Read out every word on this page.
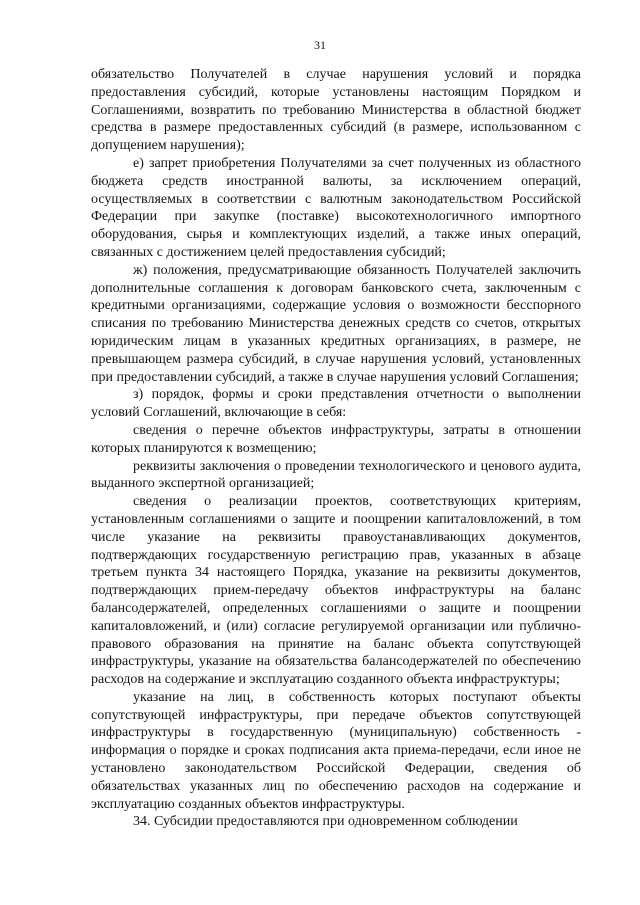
31

обязательство Получателей в случае нарушения условий и порядка предоставления субсидий, которые установлены настоящим Порядком и Соглашениями, возвратить по требованию Министерства в областной бюджет средства в размере предоставленных субсидий (в размере, использованном с допущением нарушения);

е) запрет приобретения Получателями за счет полученных из областного бюджета средств иностранной валюты, за исключением операций, осуществляемых в соответствии с валютным законодательством Российской Федерации при закупке (поставке) высокотехнологичного импортного оборудования, сырья и комплектующих изделий, а также иных операций, связанных с достижением целей предоставления субсидий;

ж) положения, предусматривающие обязанность Получателей заключить дополнительные соглашения к договорам банковского счета, заключенным с кредитными организациями, содержащие условия о возможности бесспорного списания по требованию Министерства денежных средств со счетов, открытых юридическим лицам в указанных кредитных организациях, в размере, не превышающем размера субсидий, в случае нарушения условий, установленных при предоставлении субсидий, а также в случае нарушения условий Соглашения;

з) порядок, формы и сроки представления отчетности о выполнении условий Соглашений, включающие в себя:

сведения о перечне объектов инфраструктуры, затраты в отношении которых планируются к возмещению;

реквизиты заключения о проведении технологического и ценового аудита, выданного экспертной организацией;

сведения о реализации проектов, соответствующих критериям, установленным соглашениями о защите и поощрении капиталовложений, в том числе указание на реквизиты правоустанавливающих документов, подтверждающих государственную регистрацию прав, указанных в абзаце третьем пункта 34 настоящего Порядка, указание на реквизиты документов, подтверждающих прием-передачу объектов инфраструктуры на баланс балансодержателей, определенных соглашениями о защите и поощрении капиталовложений, и (или) согласие регулируемой организации или публично-правового образования на принятие на баланс объекта сопутствующей инфраструктуры, указание на обязательства балансодержателей по обеспечению расходов на содержание и эксплуатацию созданного объекта инфраструктуры;

указание на лиц, в собственность которых поступают объекты сопутствующей инфраструктуры, при передаче объектов сопутствующей инфраструктуры в государственную (муниципальную) собственность - информация о порядке и сроках подписания акта приема-передачи, если иное не установлено законодательством Российской Федерации, сведения об обязательствах указанных лиц по обеспечению расходов на содержание и эксплуатацию созданных объектов инфраструктуры.

34. Субсидии предоставляются при одновременном соблюдении
